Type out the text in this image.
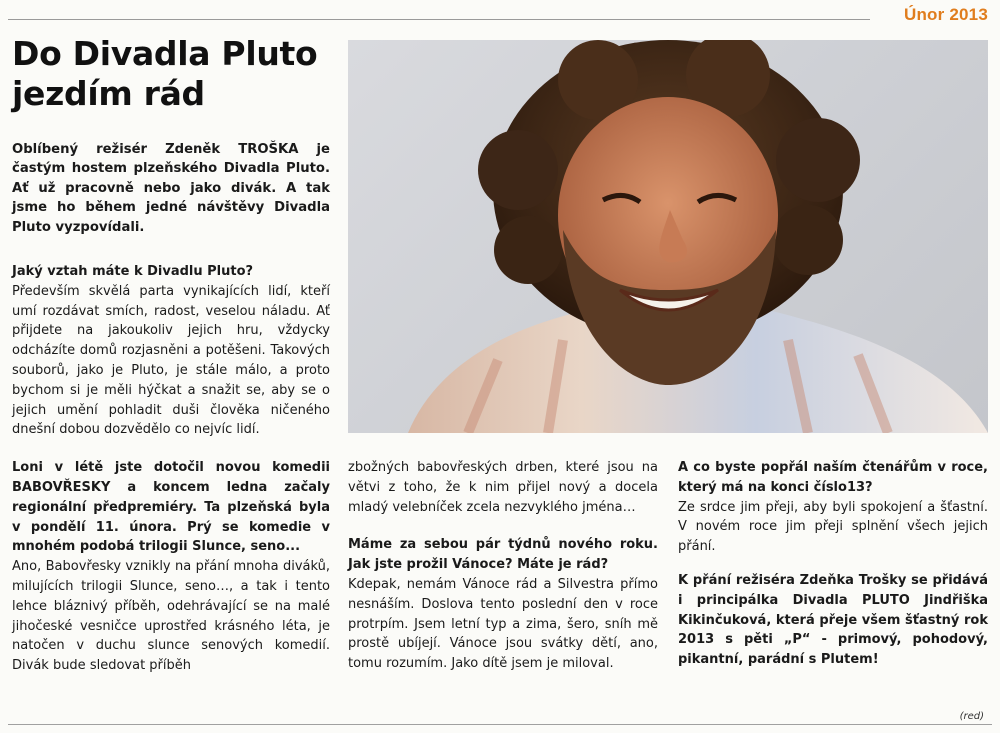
Únor 2013
Do Divadla Pluto jezdím rád
Oblíbený režisér Zdeněk TROŠKA je častým hostem plzeňského Divadla Pluto. Ať už pracovně nebo jako divák. A tak jsme ho během jedné návštěvy Divadla Pluto vyzpovídali.

Jaký vztah máte k Divadlu Pluto?

Především skvělá parta vynikajících lidí, kteří umí rozdávat smích, radost, veselou náladu. Ať přijdete na jakoukoliv jejich hru, vždycky odcházíte domů rozjasněni a potěšeni. Takových souborů, jako je Pluto, je stále málo, a proto bychom si je měli hýčkat a snažit se, aby se o jejich umění pohladit duši člověka ničeného dnešní dobou dozvědělo co nejvíc lidí.

Loni v létě jste dotočil novou komedii BABOVŘESKY a koncem ledna začaly regionální předpremiéry. Ta plzeňská byla v pondělí 11. února. Prý se komedie v mnohém podobá trilogii Slunce, seno...

Ano, Babovřesky vznikly na přání mnoha diváků, milujících trilogii Slunce, seno…, a tak i tento lehce bláznivý příběh, odehrávající se na malé jihočeské vesničce uprostřed krásného léta, je natočen v duchu slunce senových komedií. Divák bude sledovat příběh

zbožných babovřeských drben, které jsou na větvi z toho, že k nim přijel nový a docela mladý velebníček zcela nezvyklého jména…

Máme za sebou pár týdnů nového roku. Jak jste prožil Vánoce? Máte je rád?

Kdepak, nemám Vánoce rád a Silvestra přímo nesnáším. Doslova tento poslední den v roce protrpím. Jsem letní typ a zima, šero, sníh mě prostě ubíjejí. Vánoce jsou svátky dětí, ano, tomu rozumím. Jako dítě jsem je miloval.

A co byste popřál naším čtenářům v roce, který má na konci číslo13?

Ze srdce jim přeji, aby byli spokojení a šťastní. V novém roce jim přeji splnění všech jejich přání.

K přání režiséra Zdeňka Trošky se přidává i principálka Divadla PLUTO Jindřiška Kikinčuková, která přeje všem šťastný rok 2013 s pěti „P“ - primový, pohodový, pikantní, parádní s Plutem!

(red)
